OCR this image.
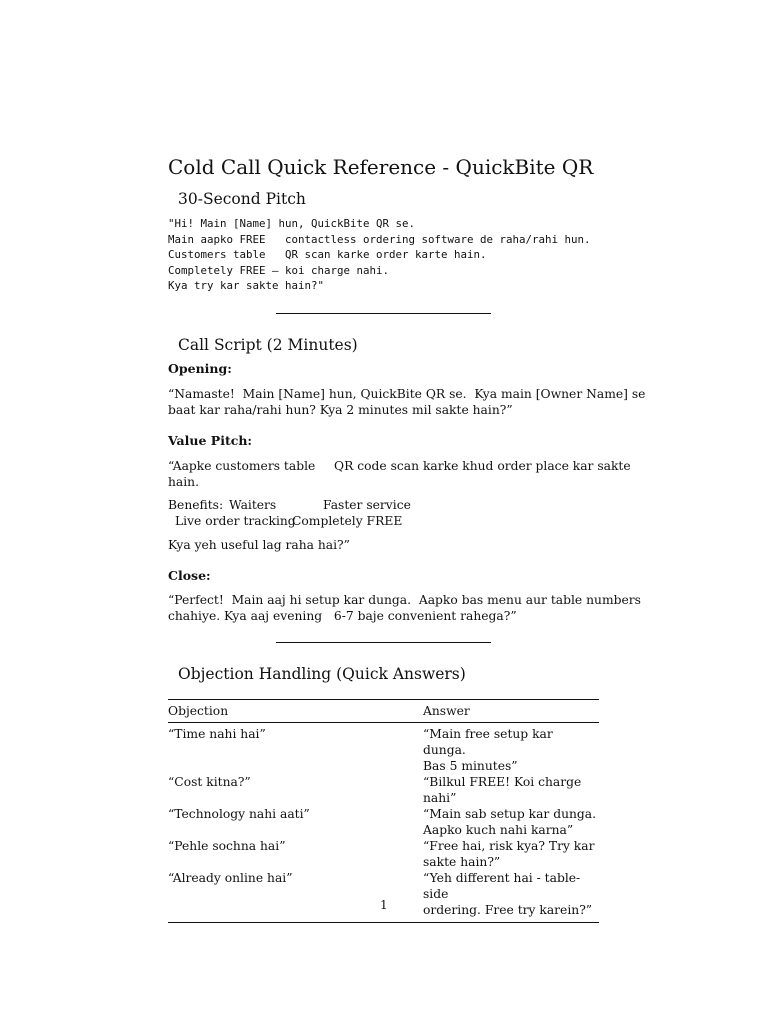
Cold Call Quick Reference - QuickBite QR
30-Second Pitch
"Hi! Main [Name] hun, QuickBite QR se.
Main aapko FREE   contactless ordering software de raha/rahi hun.
Customers table   QR scan karke order karte hain.
Completely FREE – koi charge nahi.
Kya try kar sakte hain?"
Call Script (2 Minutes)
Opening:
“Namaste!  Main [Name] hun, QuickBite QR se.  Kya main [Owner Name] se
baat kar raha/rahi hun? Kya 2 minutes mil sakte hain?”
Value Pitch:
“Aapke customers table QR code scan karke khud order place kar sakte
hain.
Benefits: Waiters	Faster service
Live order tracking
Completely FREE
Kya yeh useful lag raha hai?”
Close:
“Perfect!  Main aaj hi setup kar dunga.  Aapko bas menu aur table numbers
chahiye. Kya aaj evening   6-7 baje convenient rahega?”
Objection Handling (Quick Answers)
Objection	Answer
“Time nahi hai”	“Main free setup kar dunga.
Bas 5 minutes”

“Cost kitna?”	“Bilkul FREE! Koi charge nahi”

“Technology nahi aati”	“Main sab setup kar dunga.
Aapko kuch nahi karna”

“Pehle sochna hai”	“Free hai, risk kya? Try kar
sakte hain?”

“Already online hai”	“Yeh different hai - table-side
ordering. Free try karein?”
1
